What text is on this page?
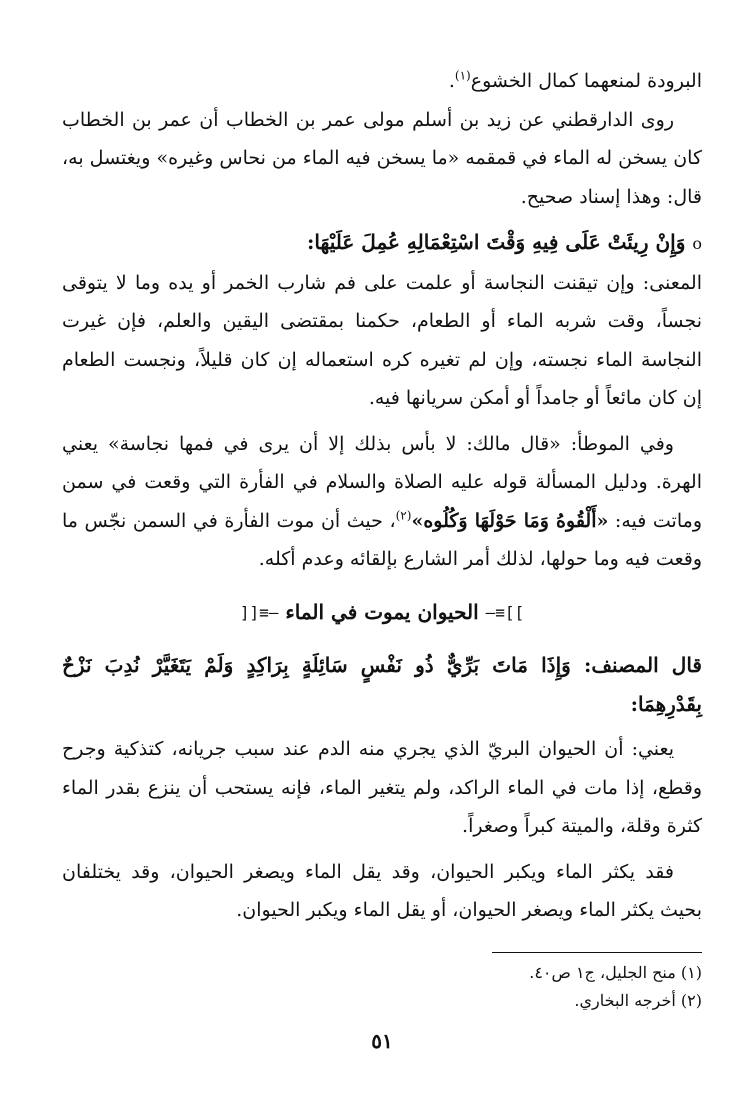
البرودة لمنعهما كمال الخشوع$^{(١)}$.

روى الدارقطني عن زيد بن أسلم مولى عمر بن الخطاب أن عمر بن الخطاب كان يسخن له الماء في قمقمه «ما يسخن فيه الماء من نحاس وغيره» ويغتسل به، قال: وهذا إسناد صحيح.

o وَإِنْ رِيئَتْ عَلَى فِيهِ وَقْتَ اسْتِعْمَالِهِ عُمِلَ عَلَيْهَا:

المعنى: وإن تيقنت النجاسة أو علمت على فم شارب الخمر أو يده وما لا يتوقى نجساً، وقت شربه الماء أو الطعام، حكمنا بمقتضى اليقين والعلم، فإن غيرت النجاسة الماء نجسته، وإن لم تغيره كره استعماله إن كان قليلاً، ونجست الطعام إن كان مائعاً أو جامداً أو أمكن سريانها فيه.

وفي الموطأ: «قال مالك: لا بأس بذلك إلا أن يرى في فمها نجاسة» يعني الهرة. ودليل المسألة قوله عليه الصلاة والسلام في الفأرة التي وقعت في سمن وماتت فيه: «أَلْقُوهُ وَمَا حَوْلَهَا وَكُلُوه»$^{(٢)}$، حيث أن موت الفأرة في السمن نجّس ما وقعت فيه وما حولها، لذلك أمر الشارع بإلقائه وعدم أكله.

]]≡— الحيوان يموت في الماء —≡[[

قال المصنف: وَإِذَا مَاتَ بَرِّيٌّ ذُو نَفْسٍ سَائِلَةٍ بِرَاكِدٍ وَلَمْ يَتَغَيَّرْ نُدِبَ نَزْحٌ بِقَدْرِهِمَا:

يعني: أن الحيوان البريّ الذي يجري منه الدم عند سبب جريانه، كتذكية وجرح وقطع، إذا مات في الماء الراكد، ولم يتغير الماء، فإنه يستحب أن ينزع بقدر الماء كثرة وقلة، والميتة كبراً وصغراً.

فقد يكثر الماء ويكبر الحيوان، وقد يقل الماء ويصغر الحيوان، وقد يختلفان بحيث يكثر الماء ويصغر الحيوان، أو يقل الماء ويكبر الحيوان.

(١) منح الجليل، ج١ ص٤٠.
(٢) أخرجه البخاري.
٥١
